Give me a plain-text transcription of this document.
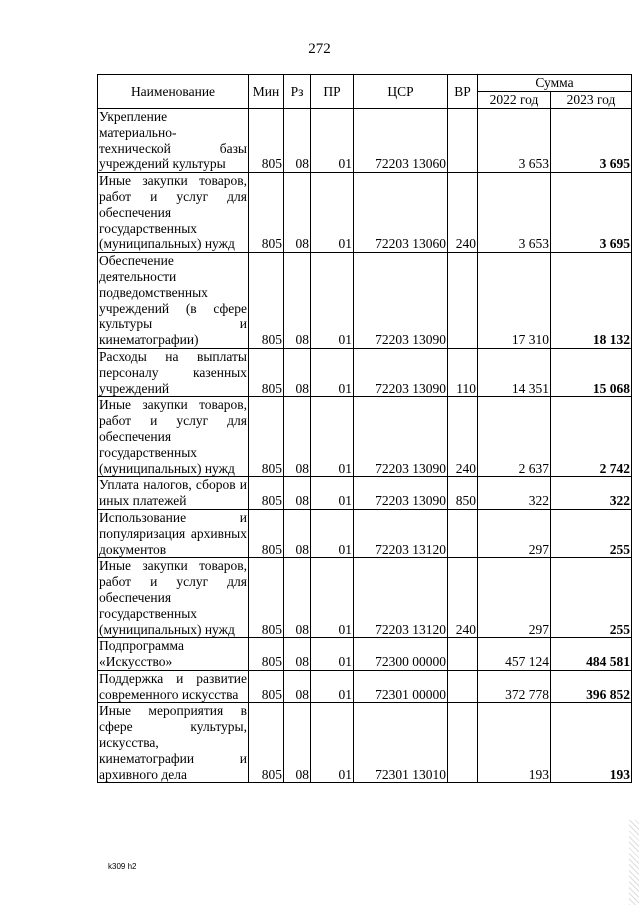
272
Наименование	Мин	Рз	ПР	ЦСР	ВР	Сумма	
						2022 год	2023 год
Укрепление материально-технической базы учреждений культуры	805	08	01	72203 13060		3 653	3 695
Иные закупки товаров, работ и услуг для обеспечения государственных (муниципальных) нужд	805	08	01	72203 13060	240	3 653	3 695
Обеспечение деятельности подведомственных учреждений (в сфере культуры и кинематографии)	805	08	01	72203 13090		17 310	18 132
Расходы на выплаты персоналу казенных учреждений	805	08	01	72203 13090	110	14 351	15 068
Иные закупки товаров, работ и услуг для обеспечения государственных (муниципальных) нужд	805	08	01	72203 13090	240	2 637	2 742
Уплата налогов, сборов и иных платежей	805	08	01	72203 13090	850	322	322
Использование и популяризация архивных документов	805	08	01	72203 13120		297	255
Иные закупки товаров, работ и услуг для обеспечения государственных (муниципальных) нужд	805	08	01	72203 13120	240	297	255
Подпрограмма «Искусство»	805	08	01	72300 00000		457 124	484 581
Поддержка и развитие современного искусства	805	08	01	72301 00000		372 778	396 852
Иные мероприятия в сфере культуры, искусства, кинематографии и архивного дела	805	08	01	72301 13010		193	193
k309 h2
